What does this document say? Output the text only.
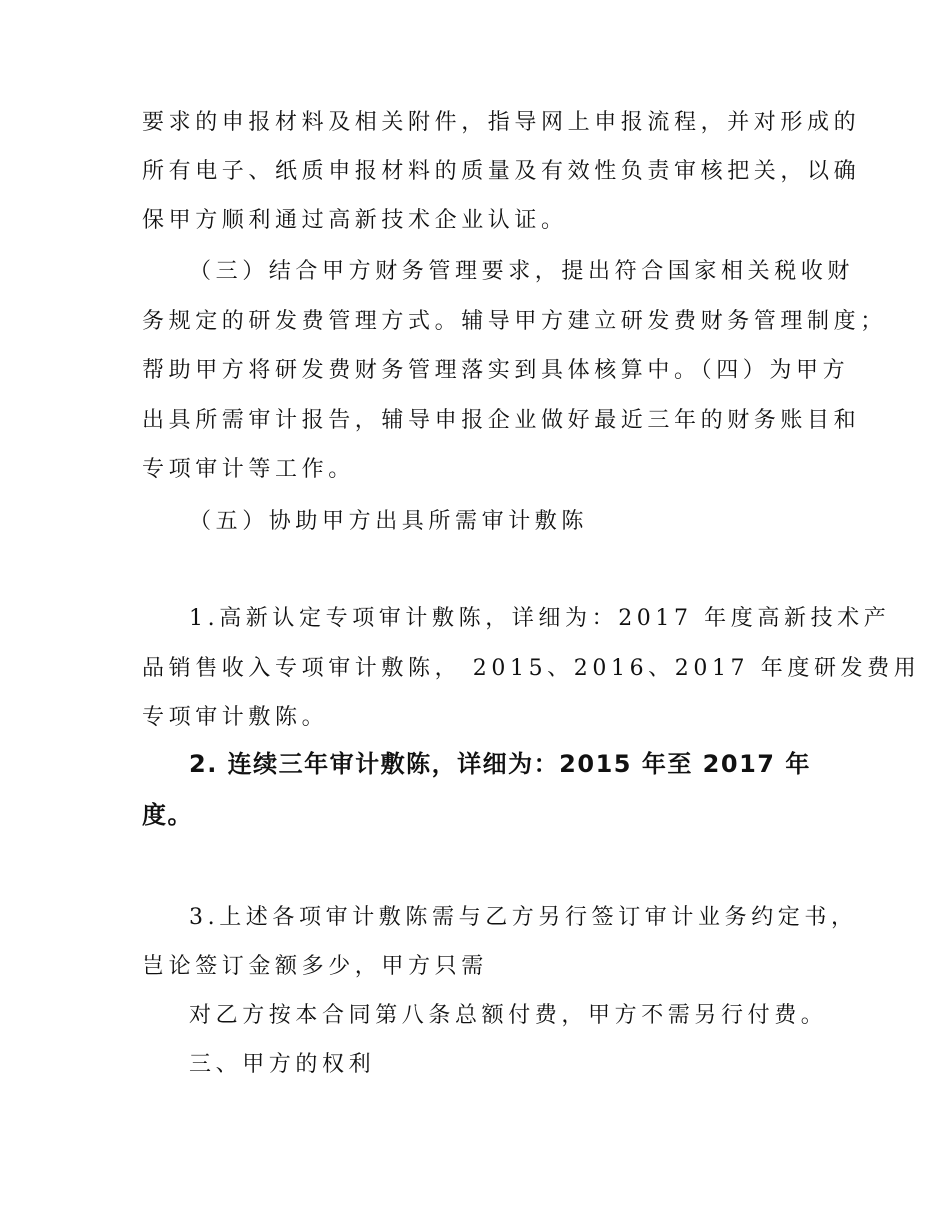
要求的申报材料及相关附件，指导网上申报流程，并对形成的
所有电子、纸质申报材料的质量及有效性负责审核把关，以确
保甲方顺利通过高新技术企业认证。
（三）结合甲方财务管理要求，提出符合国家相关税收财
务规定的研发费管理方式。辅导甲方建立研发费财务管理制度；
帮助甲方将研发费财务管理落实到具体核算中。（四）为甲方
出具所需审计报告，辅导申报企业做好最近三年的财务账目和
专项审计等工作。
（五）协助甲方出具所需审计敷陈
1.高新认定专项审计敷陈，详细为：2017 年度高新技术产
品销售收入专项审计敷陈， 2015、2016、2017 年度研发费用
专项审计敷陈。
2. 连续三年审计敷陈，详细为：2015 年至 2017 年
度。
3.上述各项审计敷陈需与乙方另行签订审计业务约定书，
岂论签订金额多少，甲方只需
对乙方按本合同第八条总额付费，甲方不需另行付费。
三、甲方的权利
